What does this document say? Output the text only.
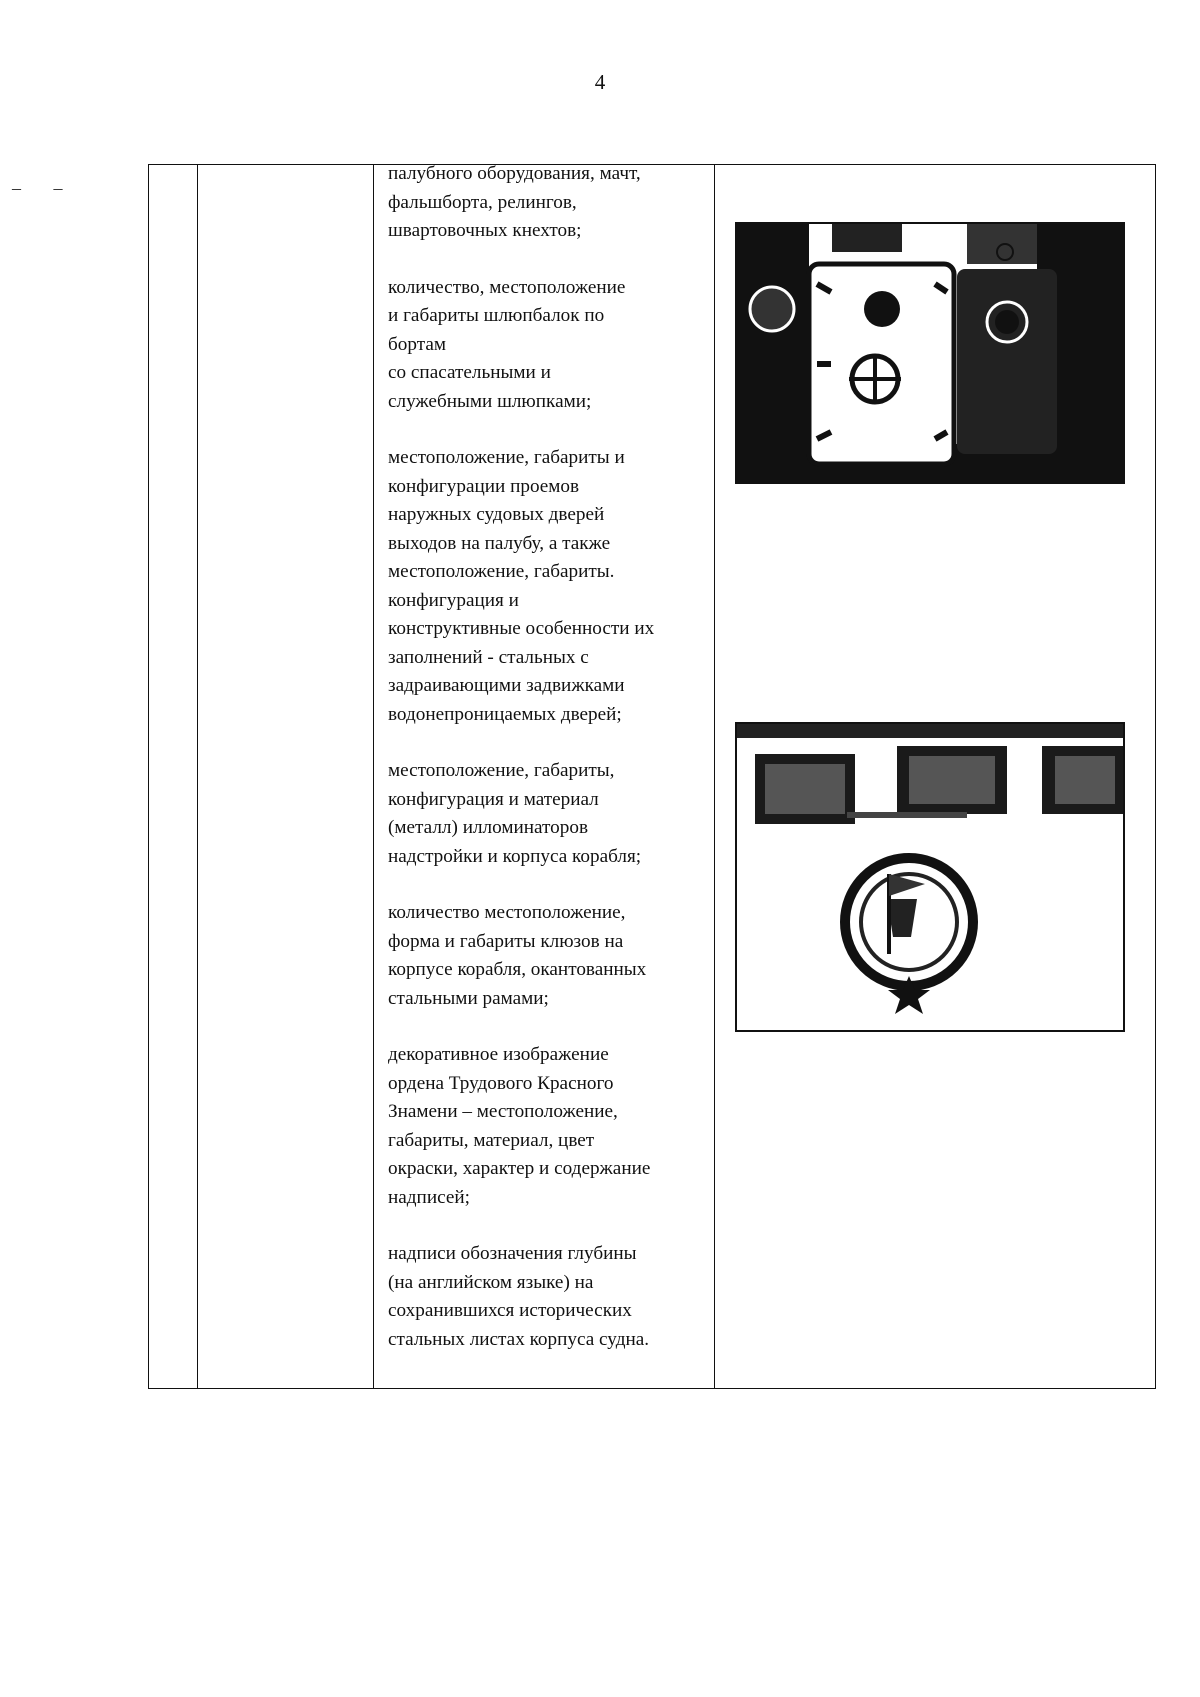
4
– –

палубного оборудования, мачт,
фальшборта, релингов,
швартовочных кнехтов;

количество, местоположение
и габариты шлюпбалок по
бортам
со спасательными и
служебными шлюпками;

местоположение, габариты и
конфигурации проемов
наружных судовых дверей
выходов на палубу, а также
местоположение, габариты.
конфигурация и
конструктивные особенности их
заполнений - стальных с
задраивающими задвижками
водонепроницаемых дверей;

местоположение, габариты,
конфигурация и материал
(металл) илломинаторов
надстройки и корпуса корабля;

количество местоположение,
форма и габариты клюзов на
корпусе корабля, окантованных
стальными рамами;

декоративное изображение
ордена Трудового Красного
Знамени – местоположение,
габариты, материал, цвет
окраски, характер и содержание
надписей;

надписи обозначения глубины
(на английском языке) на
сохранившихся исторических
стальных листах корпуса судна.
